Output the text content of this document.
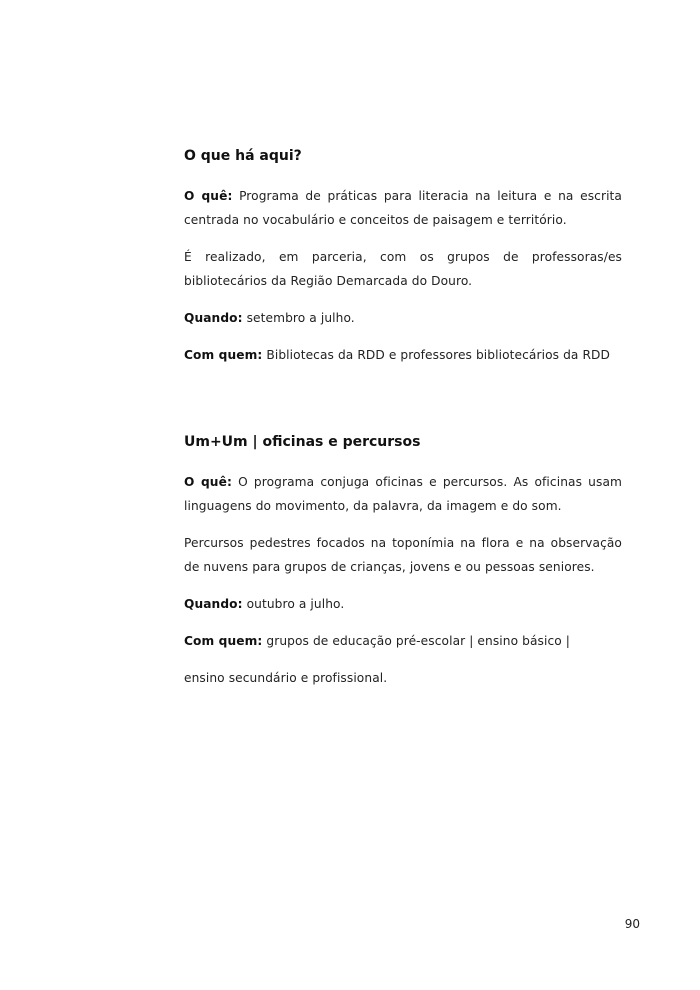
O que há aqui?

O quê: Programa de práticas para literacia na leitura e na escrita centrada no vocabulário e conceitos de paisagem e território.

É realizado, em parceria, com os grupos de professoras/es bibliotecários da Região Demarcada do Douro.

Quando: setembro a julho.

Com quem: Bibliotecas da RDD e professores bibliotecários da RDD

Um+Um | oficinas e percursos

O quê: O programa conjuga oficinas e percursos. As oficinas usam linguagens do movimento, da palavra, da imagem e do som.

Percursos pedestres focados na toponímia na flora e na observação de nuvens para grupos de crianças, jovens e ou pessoas seniores.

Quando: outubro a julho.

Com quem: grupos de educação pré-escolar | ensino básico |

ensino secundário e profissional.

90
